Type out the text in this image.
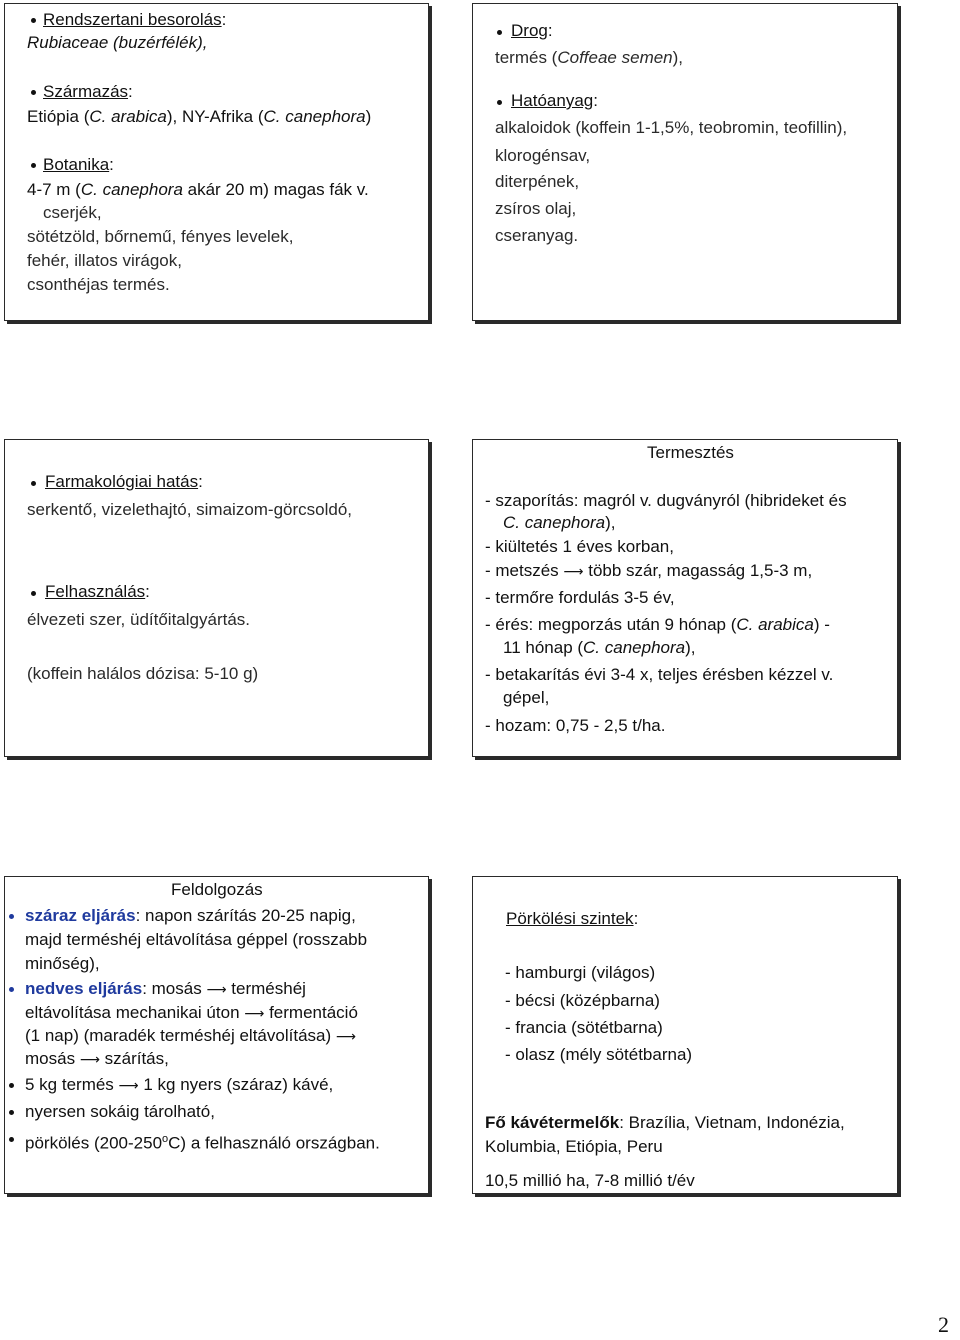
Rendszertani besorolás:
Rubiaceae (buzérfélék),
Származás:
Etiópia (C. arabica), NY-Afrika (C. canephora)
Botanika:
4-7 m (C. canephora akár 20 m) magas fák v.
cserjék,
sötétzöld, bőrnemű, fényes levelek,
fehér, illatos virágok,
csonthéjas termés.
Drog:
termés (Coffeae semen),
Hatóanyag:
alkaloidok (koffein 1-1,5%, teobromin, teofillin),
klorogénsav,
diterpének,
zsíros olaj,
cseranyag.
Farmakológiai hatás:
serkentő, vizelethajtó, simaizom-görcsoldó,
Felhasználás:
élvezeti szer, üdítőitalgyártás.
(koffein halálos dózisa: 5-10 g)
Termesztés
- szaporítás: magról v. dugványról (hibrideket és
C. canephora),
- kiültetés 1 éves korban,
- metszés ⟶ több szár, magasság 1,5-3 m,
- termőre fordulás 3-5 év,
- érés: megporzás után 9 hónap (C. arabica) -
11 hónap (C. canephora),
- betakarítás évi 3-4 x, teljes érésben kézzel v.
gépel,
- hozam: 0,75 - 2,5 t/ha.
Feldolgozás
száraz eljárás: napon szárítás 20-25 napig,
majd terméshéj eltávolítása géppel (rosszabb
minőség),
nedves eljárás: mosás ⟶ terméshéj
eltávolítása mechanikai úton ⟶ fermentáció
(1 nap) (maradék terméshéj eltávolítása) ⟶
mosás ⟶ szárítás,
5 kg termés ⟶ 1 kg nyers (száraz) kávé,
nyersen sokáig tárolható,
pörkölés (200-250$^o$C) a felhasználó országban.
Pörkölési szintek:
- hamburgi (világos)
- bécsi (középbarna)
- francia (sötétbarna)
- olasz (mély sötétbarna)
Fő kávétermelők: Brazília, Vietnam, Indonézia,
Kolumbia, Etiópia, Peru
10,5 millió ha, 7-8 millió t/év
2
